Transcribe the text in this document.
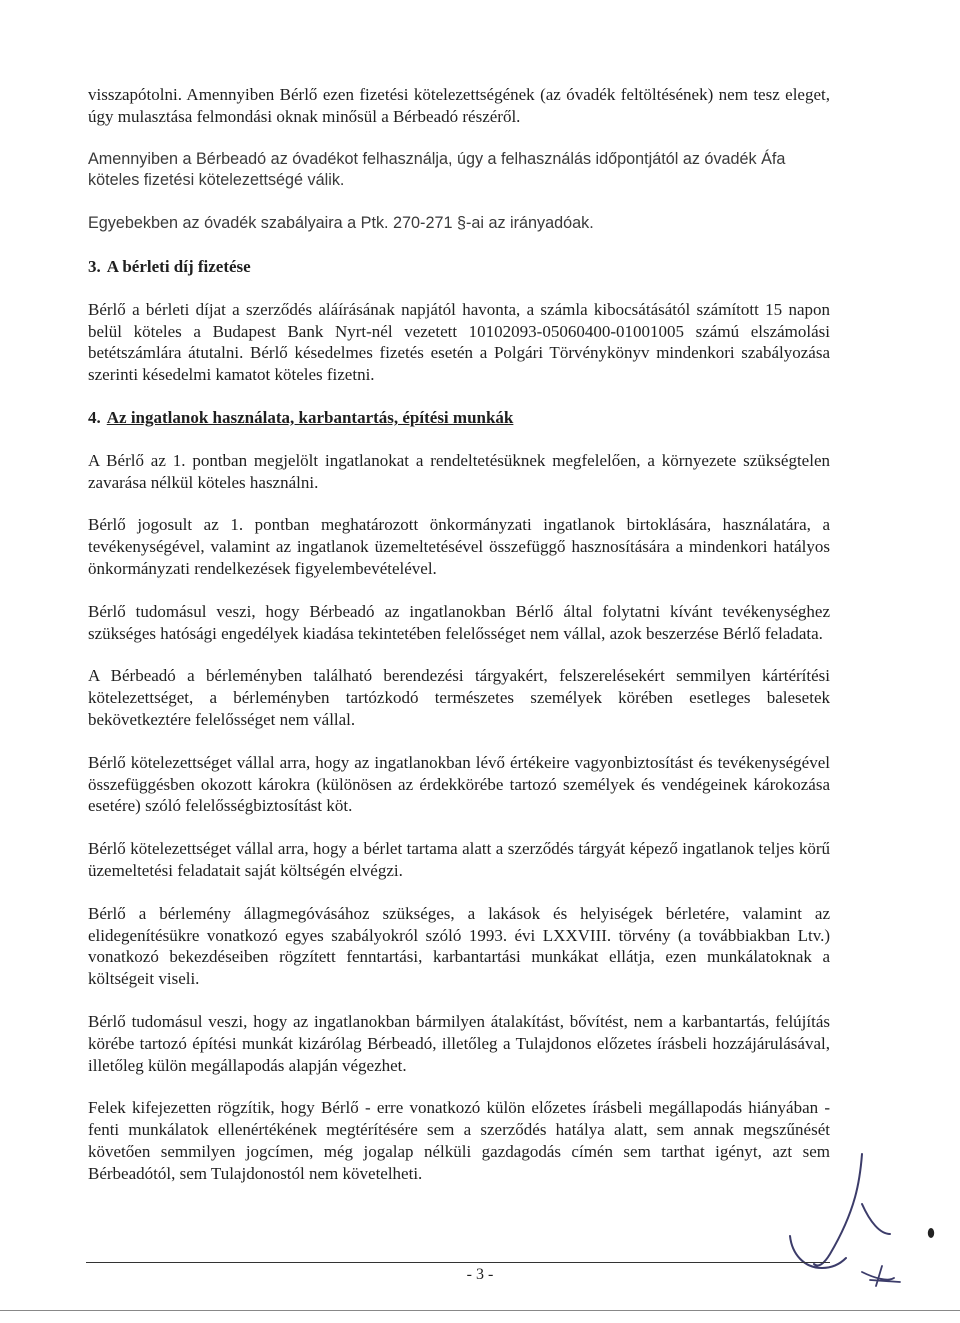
visszapótolni. Amennyiben Bérlő ezen fizetési kötelezettségének (az óvadék feltöltésének) nem tesz eleget, úgy mulasztása felmondási oknak minősül a Bérbeadó részéről.

Amennyiben a Bérbeadó az óvadékot felhasználja, úgy a felhasználás időpontjától az óvadék Áfa köteles fizetési kötelezettségé válik.

Egyebekben az óvadék szabályaira a Ptk. 270-271 §-ai az irányadóak.

3. A bérleti díj fizetése

Bérlő a bérleti díjat a szerződés aláírásának napjától havonta, a számla kibocsátásától számított 15 napon belül köteles a Budapest Bank Nyrt-nél vezetett 10102093-05060400-01001005 számú elszámolási betétszámlára átutalni. Bérlő késedelmes fizetés esetén a Polgári Törvénykönyv mindenkori szabályozása szerinti késedelmi kamatot köteles fizetni.

4. Az ingatlanok használata, karbantartás, építési munkák

A Bérlő az 1. pontban megjelölt ingatlanokat a rendeltetésüknek megfelelően, a környezete szükségtelen zavarása nélkül köteles használni.

Bérlő jogosult az 1. pontban meghatározott önkormányzati ingatlanok birtoklására, használatára, a tevékenységével, valamint az ingatlanok üzemeltetésével összefüggő hasznosítására a mindenkori hatályos önkormányzati rendelkezések figyelembevételével.

Bérlő tudomásul veszi, hogy Bérbeadó az ingatlanokban Bérlő által folytatni kívánt tevékenységhez szükséges hatósági engedélyek kiadása tekintetében felelősséget nem vállal, azok beszerzése Bérlő feladata.

A Bérbeadó a bérleményben található berendezési tárgyakért, felszerelésekért semmilyen kártérítési kötelezettséget, a bérleményben tartózkodó természetes személyek körében esetleges balesetek bekövetkeztére felelősséget nem vállal.

Bérlő kötelezettséget vállal arra, hogy az ingatlanokban lévő értékeire vagyonbiztosítást és tevékenységével összefüggésben okozott károkra (különösen az érdekkörébe tartozó személyek és vendégeinek károkozása esetére) szóló felelősségbiztosítást köt.

Bérlő kötelezettséget vállal arra, hogy a bérlet tartama alatt a szerződés tárgyát képező ingatlanok teljes körű üzemeltetési feladatait saját költségén elvégzi.

Bérlő a bérlemény állagmegóvásához szükséges, a lakások és helyiségek bérletére, valamint az elidegenítésükre vonatkozó egyes szabályokról szóló 1993. évi LXXVIII. törvény (a továbbiakban Ltv.) vonatkozó bekezdéseiben rögzített fenntartási, karbantartási munkákat ellátja, ezen munkálatoknak a költségeit viseli.

Bérlő tudomásul veszi, hogy az ingatlanokban bármilyen átalakítást, bővítést, nem a karbantartás, felújítás körébe tartozó építési munkát kizárólag Bérbeadó, illetőleg a Tulajdonos előzetes írásbeli hozzájárulásával, illetőleg külön megállapodás alapján végezhet.

Felek kifejezetten rögzítik, hogy Bérlő - erre vonatkozó külön előzetes írásbeli megállapodás hiányában - fenti munkálatok ellenértékének megtérítésére sem a szerződés hatálya alatt, sem annak megszűnését követően semmilyen jogcímen, még jogalap nélküli gazdagodás címén sem tarthat igényt, azt sem Bérbeadótól, sem Tulajdonostól nem követelheti.

- 3 -
